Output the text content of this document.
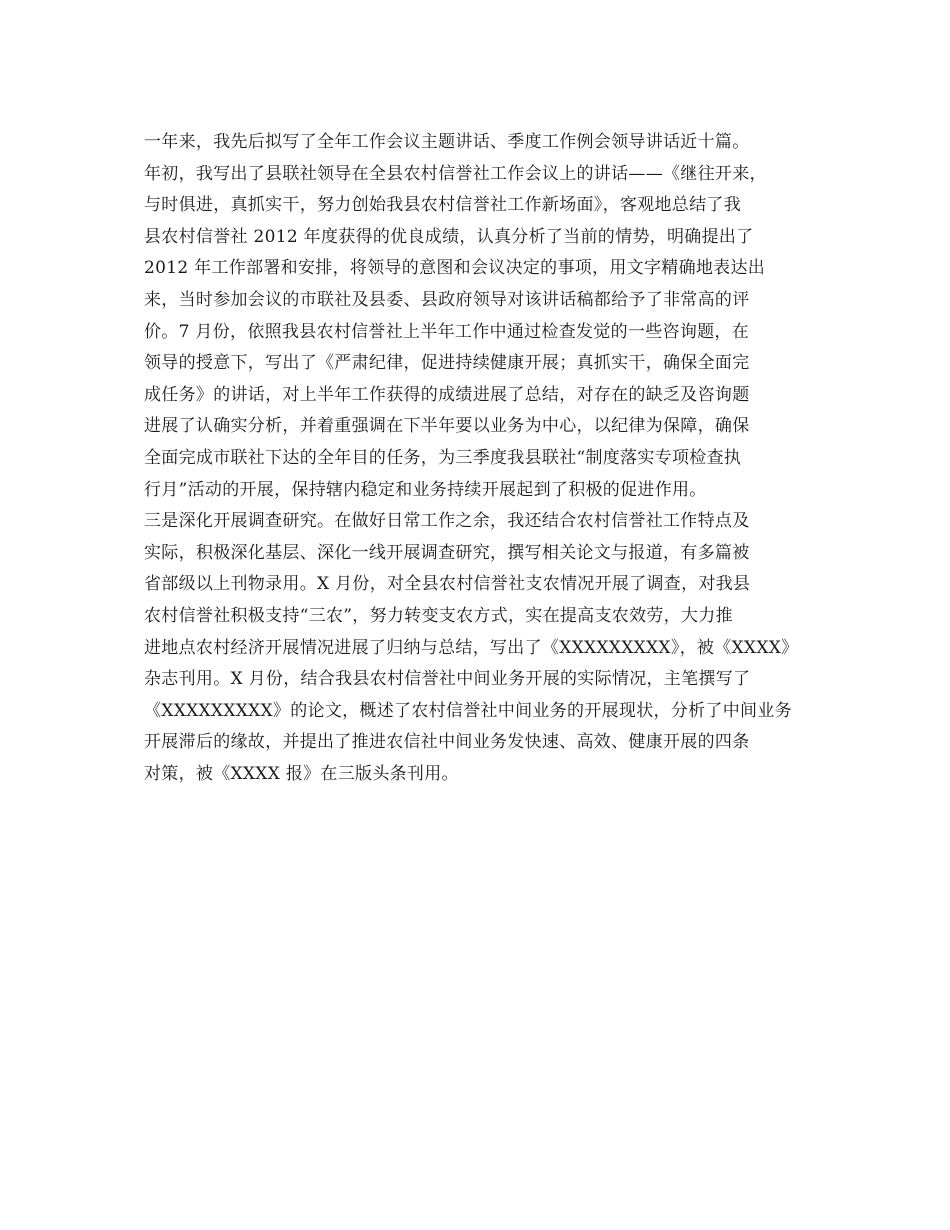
一年来，我先后拟写了全年工作会议主题讲话、季度工作例会领导讲话近十篇。
年初，我写出了县联社领导在全县农村信誉社工作会议上的讲话——《继往开来，
与时俱进，真抓实干，努力创始我县农村信誉社工作新场面》，客观地总结了我
县农村信誉社 2012 年度获得的优良成绩，认真分析了当前的情势，明确提出了
2012 年工作部署和安排，将领导的意图和会议决定的事项，用文字精确地表达出
来，当时参加会议的市联社及县委、县政府领导对该讲话稿都给予了非常高的评
价。7 月份，依照我县农村信誉社上半年工作中通过检查发觉的一些咨询题，在
领导的授意下，写出了《严肃纪律，促进持续健康开展；真抓实干，确保全面完
成任务》的讲话，对上半年工作获得的成绩进展了总结，对存在的缺乏及咨询题
进展了认确实分析，并着重强调在下半年要以业务为中心，以纪律为保障，确保
全面完成市联社下达的全年目的任务，为三季度我县联社“制度落实专项检查执
行月”活动的开展，保持辖内稳定和业务持续开展起到了积极的促进作用。
三是深化开展调查研究。在做好日常工作之余，我还结合农村信誉社工作特点及
实际，积极深化基层、深化一线开展调查研究，撰写相关论文与报道，有多篇被
省部级以上刊物录用。X 月份，对全县农村信誉社支农情况开展了调查，对我县
农村信誉社积极支持“三农”，努力转变支农方式，实在提高支农效劳，大力推
进地点农村经济开展情况进展了归纳与总结，写出了《XXXXXXXXX》，被《XXXX》
杂志刊用。X 月份，结合我县农村信誉社中间业务开展的实际情况，主笔撰写了
《XXXXXXXXX》的论文，概述了农村信誉社中间业务的开展现状，分析了中间业务
开展滞后的缘故，并提出了推进农信社中间业务发快速、高效、健康开展的四条
对策，被《XXXX 报》在三版头条刊用。
